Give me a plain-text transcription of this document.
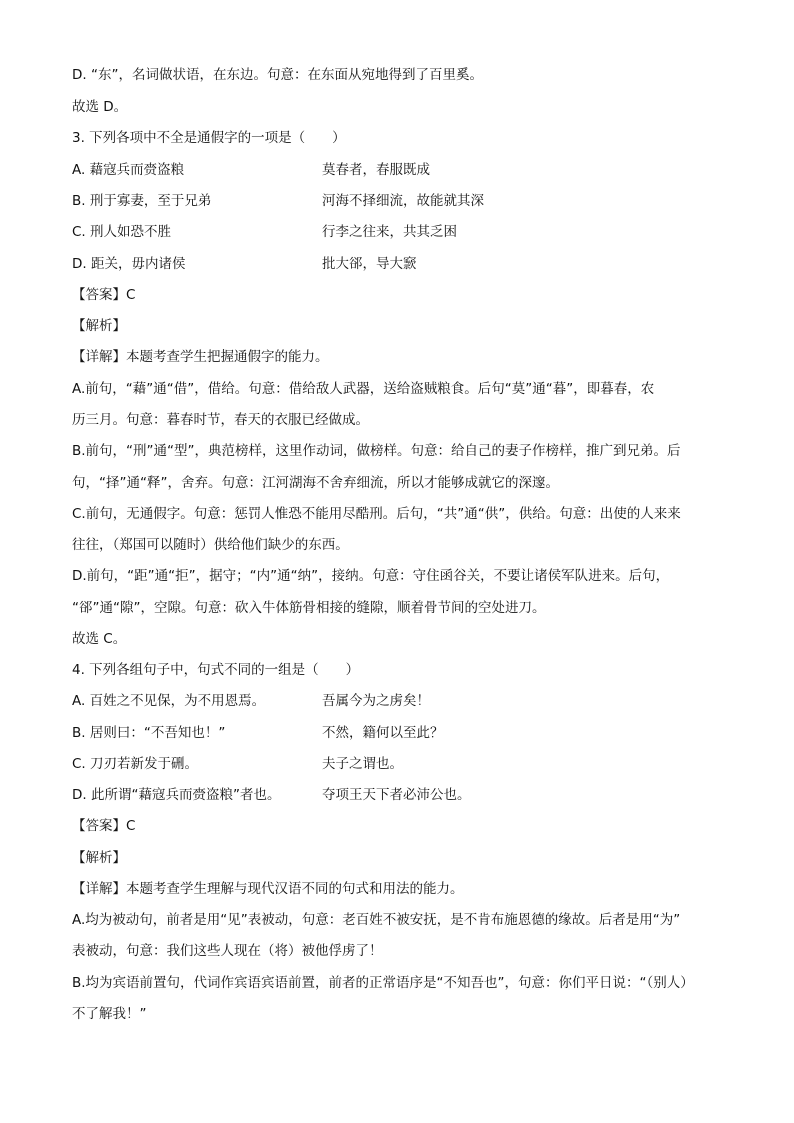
D. “东”，名词做状语，在东边。句意：在东面从宛地得到了百里奚。
故选 D。
3. 下列各项中不全是通假字的一项是（　　）
A. 藉寇兵而赍盗粮	莫春者，春服既成
B. 刑于寡妻，至于兄弟	河海不择细流，故能就其深
C. 刑人如恐不胜	行李之往来，共其乏困
D. 距关，毋内诸侯	批大郤，导大窾
【答案】C
【解析】
【详解】本题考查学生把握通假字的能力。
A.前句，“藉”通“借”，借给。句意：借给敌人武器，送给盗贼粮食。后句“莫”通“暮”，即暮春，农
历三月。句意：暮春时节，春天的衣服已经做成。
B.前句，“刑”通“型”，典范榜样，这里作动词，做榜样。句意：给自己的妻子作榜样，推广到兄弟。后
句，“择”通“释”，舍弃。句意：江河湖海不舍弃细流，所以才能够成就它的深邃。
C.前句，无通假字。句意：惩罚人惟恐不能用尽酷刑。后句，“共”通“供”，供给。句意：出使的人来来
往往，（郑国可以随时）供给他们缺少的东西。
D.前句，“距”通“拒”，据守；“内”通“纳”，接纳。句意：守住函谷关，不要让诸侯军队进来。后句，
“郤”通“隙”，空隙。句意：砍入牛体筋骨相接的缝隙，顺着骨节间的空处进刀。
故选 C。
4. 下列各组句子中，句式不同的一组是（　　）
A. 百姓之不见保，为不用恩焉。	吾属今为之虏矣！
B. 居则曰：“不吾知也！”	不然，籍何以至此？
C. 刀刃若新发于硎。	夫子之谓也。
D. 此所谓“藉寇兵而赍盗粮”者也。	夺项王天下者必沛公也。
【答案】C
【解析】
【详解】本题考查学生理解与现代汉语不同的句式和用法的能力。
A.均为被动句，前者是用“见”表被动，句意：老百姓不被安抚，是不肯布施恩德的缘故。后者是用“为”
表被动，句意：我们这些人现在（将）被他俘虏了！
B.均为宾语前置句，代词作宾语宾语前置，前者的正常语序是“不知吾也”，句意：你们平日说：“（别人）
不了解我！”
